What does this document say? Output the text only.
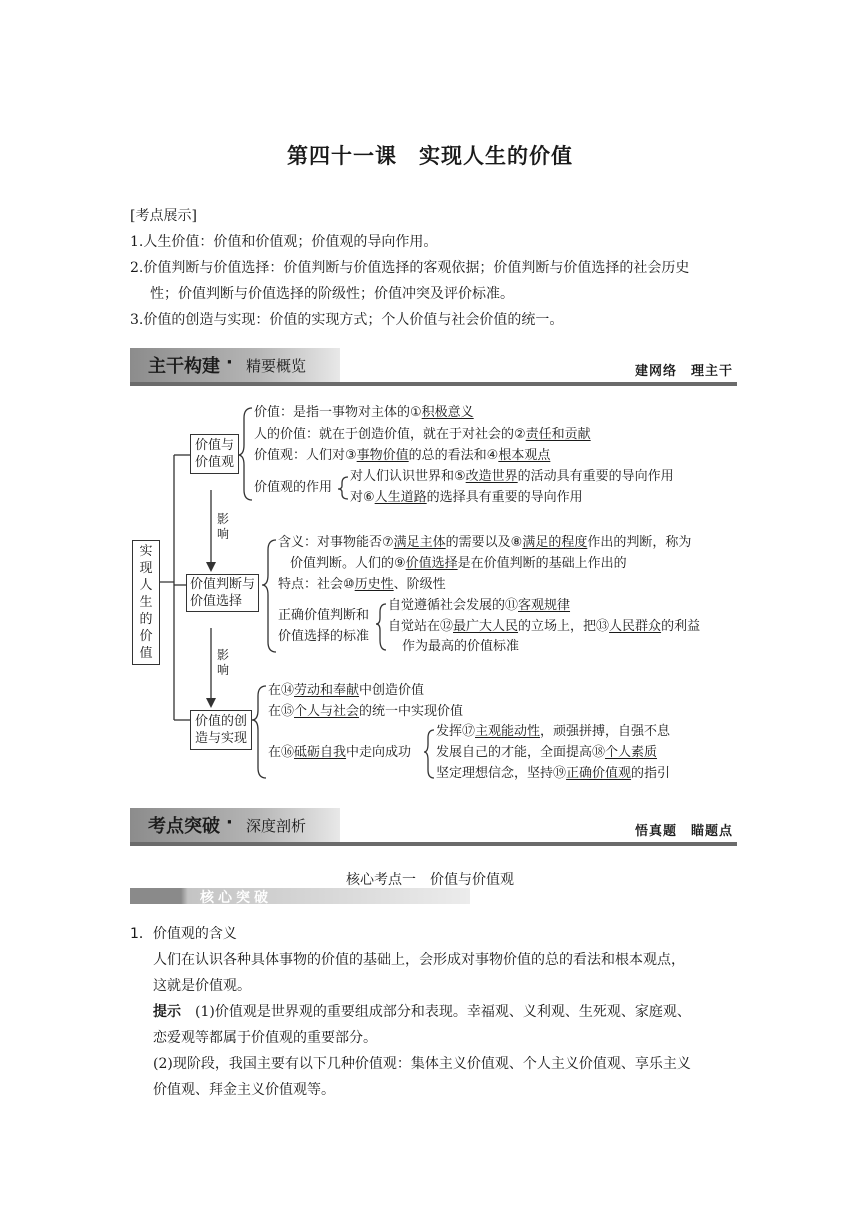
第四十一课　实现人生的价值
[考点展示]
1.人生价值：价值和价值观；价值观的导向作用。
2.价值判断与价值选择：价值判断与价值选择的客观依据；价值判断与价值选择的社会历史
性；价值判断与价值选择的阶级性；价值冲突及评价标准。
3.价值的创造与实现：价值的实现方式；个人价值与社会价值的统一。
主干构建 · 精要概览	建网络　理主干
实
现
人
生
的
价
值
影
响
影
响
价值与
价值观
价值判断与
价值选择
价值的创
造与实现
价值：是指一事物对主体的①积极意义
人的价值：就在于创造价值，就在于对社会的②责任和贡献
价值观：人们对③事物价值的总的看法和④根本观点
价值观的作用
对人们认识世界和⑤改造世界的活动具有重要的导向作用
对⑥人生道路的选择具有重要的导向作用
含义：对事物能否⑦满足主体的需要以及⑧满足的程度作出的判断，称为
价值判断。人们的⑨价值选择是在价值判断的基础上作出的
特点：社会⑩历史性、阶级性
正确价值判断和
价值选择的标准
自觉遵循社会发展的⑪客观规律
自觉站在⑫最广大人民的立场上，把⑬人民群众的利益
作为最高的价值标准
在⑭劳动和奉献中创造价值
在⑮个人与社会的统一中实现价值
在⑯砥砺自我中走向成功
发挥⑰主观能动性，顽强拼搏，自强不息
发展自己的才能，全面提高⑱个人素质
坚定理想信念，坚持⑲正确价值观的指引
考点突破 · 深度剖析	悟真题　瞄题点
核心考点一　价值与价值观
核心突破
1．价值观的含义
人们在认识各种具体事物的价值的基础上，会形成对事物价值的总的看法和根本观点，
这就是价值观。
提示　(1)价值观是世界观的重要组成部分和表现。幸福观、义利观、生死观、家庭观、
恋爱观等都属于价值观的重要部分。
(2)现阶段，我国主要有以下几种价值观：集体主义价值观、个人主义价值观、享乐主义
价值观、拜金主义价值观等。
